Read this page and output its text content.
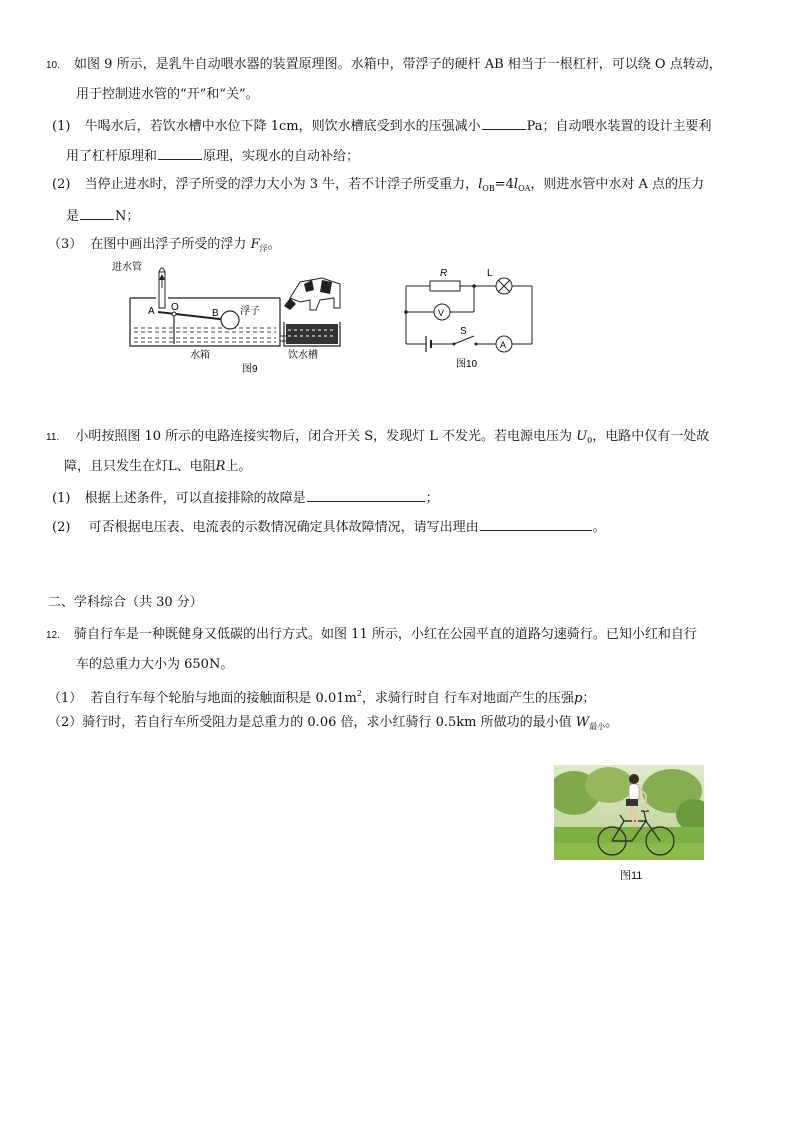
10. 如图 9 所示，是乳牛自动喂水器的装置原理图。水箱中，带浮子的硬杆 AB 相当于一根杠杆，可以绕 O 点转动，
用于控制进水管的“开”和“关”。
(1) 牛喝水后，若饮水槽中水位下降 1cm，则饮水槽底受到水的压强减小	Pa；自动喂水装置的设计主要利
用了杠杆原理和	原理，实现水的自动补给；
(2) 当停止进水时，浮子所受的浮力大小为 3 牛，若不计浮子所受重力，$l_{OB}=4l_{OA}$，则进水管中水对 A 点的压力
是	N；
（3） 在图中画出浮子所受的浮力 $F_浮$。
进水管
A O
B 浮子
水箱	饮水槽
图9
R	L
V
S
A
图10
11. 小明按照图 10 所示的电路连接实物后，闭合开关 S，发现灯 L 不发光。若电源电压为 $U_0$，电路中仅有一处故
障，且只发生在灯L、电阻R上。
(1) 根据上述条件，可以直接排除的故障是	；
(2) 可否根据电压表、电流表的示数情况确定具体故障情况，请写出理由	。
二、学科综合（共 30 分）
12. 骑自行车是一种既健身又低碳的出行方式。如图 11 所示，小红在公园平直的道路匀速骑行。已知小红和自行
车的总重力大小为 650N。
（1） 若自行车每个轮胎与地面的接触面积是 $0.01m^2$，求骑行时自 行车对地面产生的压强p；
（2）骑行时，若自行车所受阻力是总重力的 0.06 倍，求小红骑行 0.5km 所做功的最小值 $W_{最小}$。
图11
